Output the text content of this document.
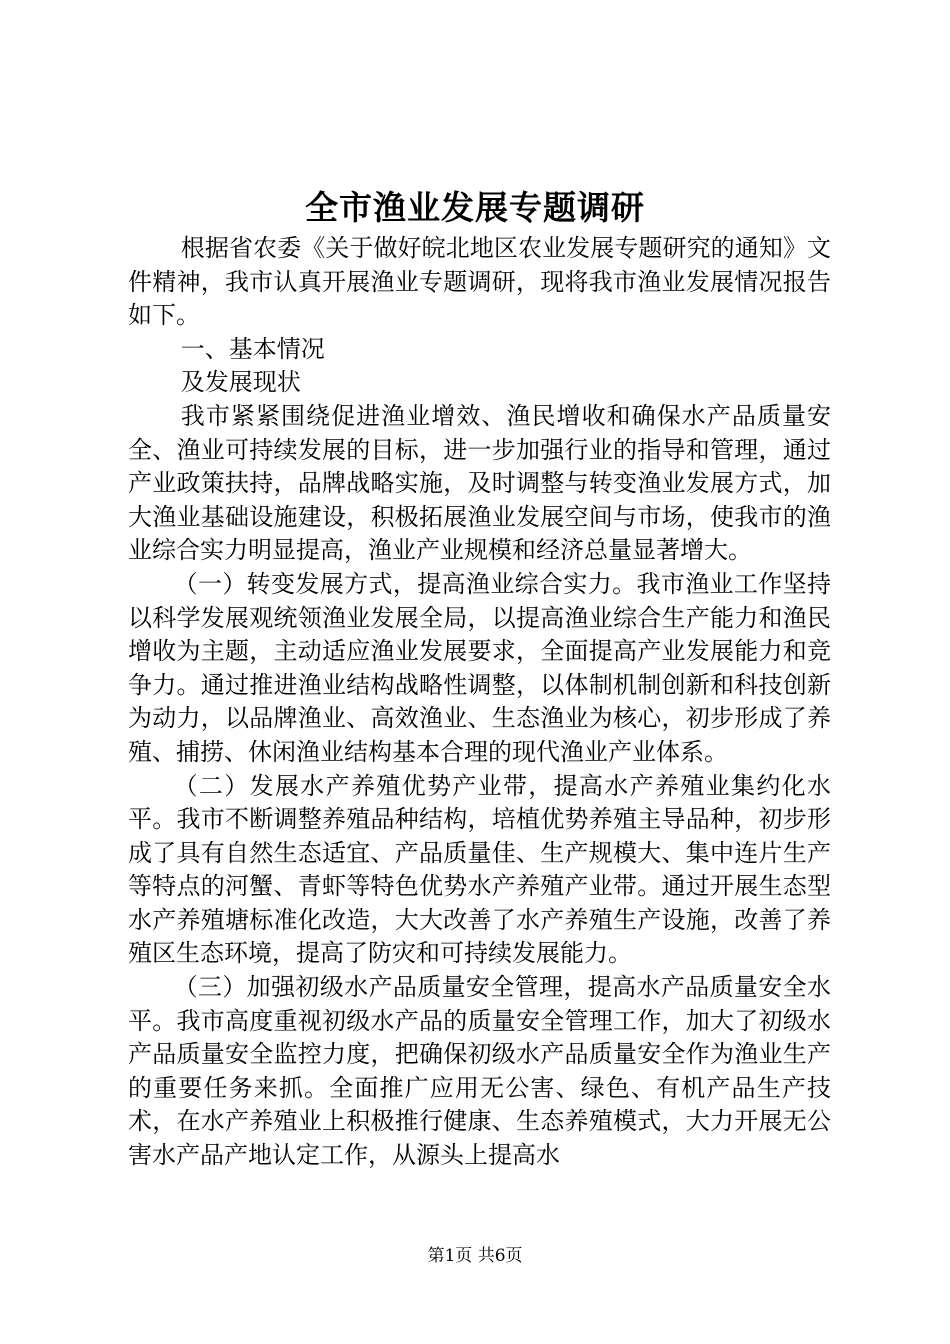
全市渔业发展专题调研

根据省农委《关于做好皖北地区农业发展专题研究的通知》文件精神，我市认真开展渔业专题调研，现将我市渔业发展情况报告如下。

一、基本情况

及发展现状

我市紧紧围绕促进渔业增效、渔民增收和确保水产品质量安全、渔业可持续发展的目标，进一步加强行业的指导和管理，通过产业政策扶持，品牌战略实施，及时调整与转变渔业发展方式，加大渔业基础设施建设，积极拓展渔业发展空间与市场，使我市的渔业综合实力明显提高，渔业产业规模和经济总量显著增大。

（一）转变发展方式，提高渔业综合实力。我市渔业工作坚持以科学发展观统领渔业发展全局，以提高渔业综合生产能力和渔民增收为主题，主动适应渔业发展要求，全面提高产业发展能力和竞争力。通过推进渔业结构战略性调整，以体制机制创新和科技创新为动力，以品牌渔业、高效渔业、生态渔业为核心，初步形成了养殖、捕捞、休闲渔业结构基本合理的现代渔业产业体系。

（二）发展水产养殖优势产业带，提高水产养殖业集约化水平。我市不断调整养殖品种结构，培植优势养殖主导品种，初步形成了具有自然生态适宜、产品质量佳、生产规模大、集中连片生产等特点的河蟹、青虾等特色优势水产养殖产业带。通过开展生态型水产养殖塘标准化改造，大大改善了水产养殖生产设施，改善了养殖区生态环境，提高了防灾和可持续发展能力。

（三）加强初级水产品质量安全管理，提高水产品质量安全水平。我市高度重视初级水产品的质量安全管理工作，加大了初级水产品质量安全监控力度，把确保初级水产品质量安全作为渔业生产的重要任务来抓。全面推广应用无公害、绿色、有机产品生产技术，在水产养殖业上积极推行健康、生态养殖模式，大力开展无公害水产品产地认定工作，从源头上提高水

第1页 共6页
